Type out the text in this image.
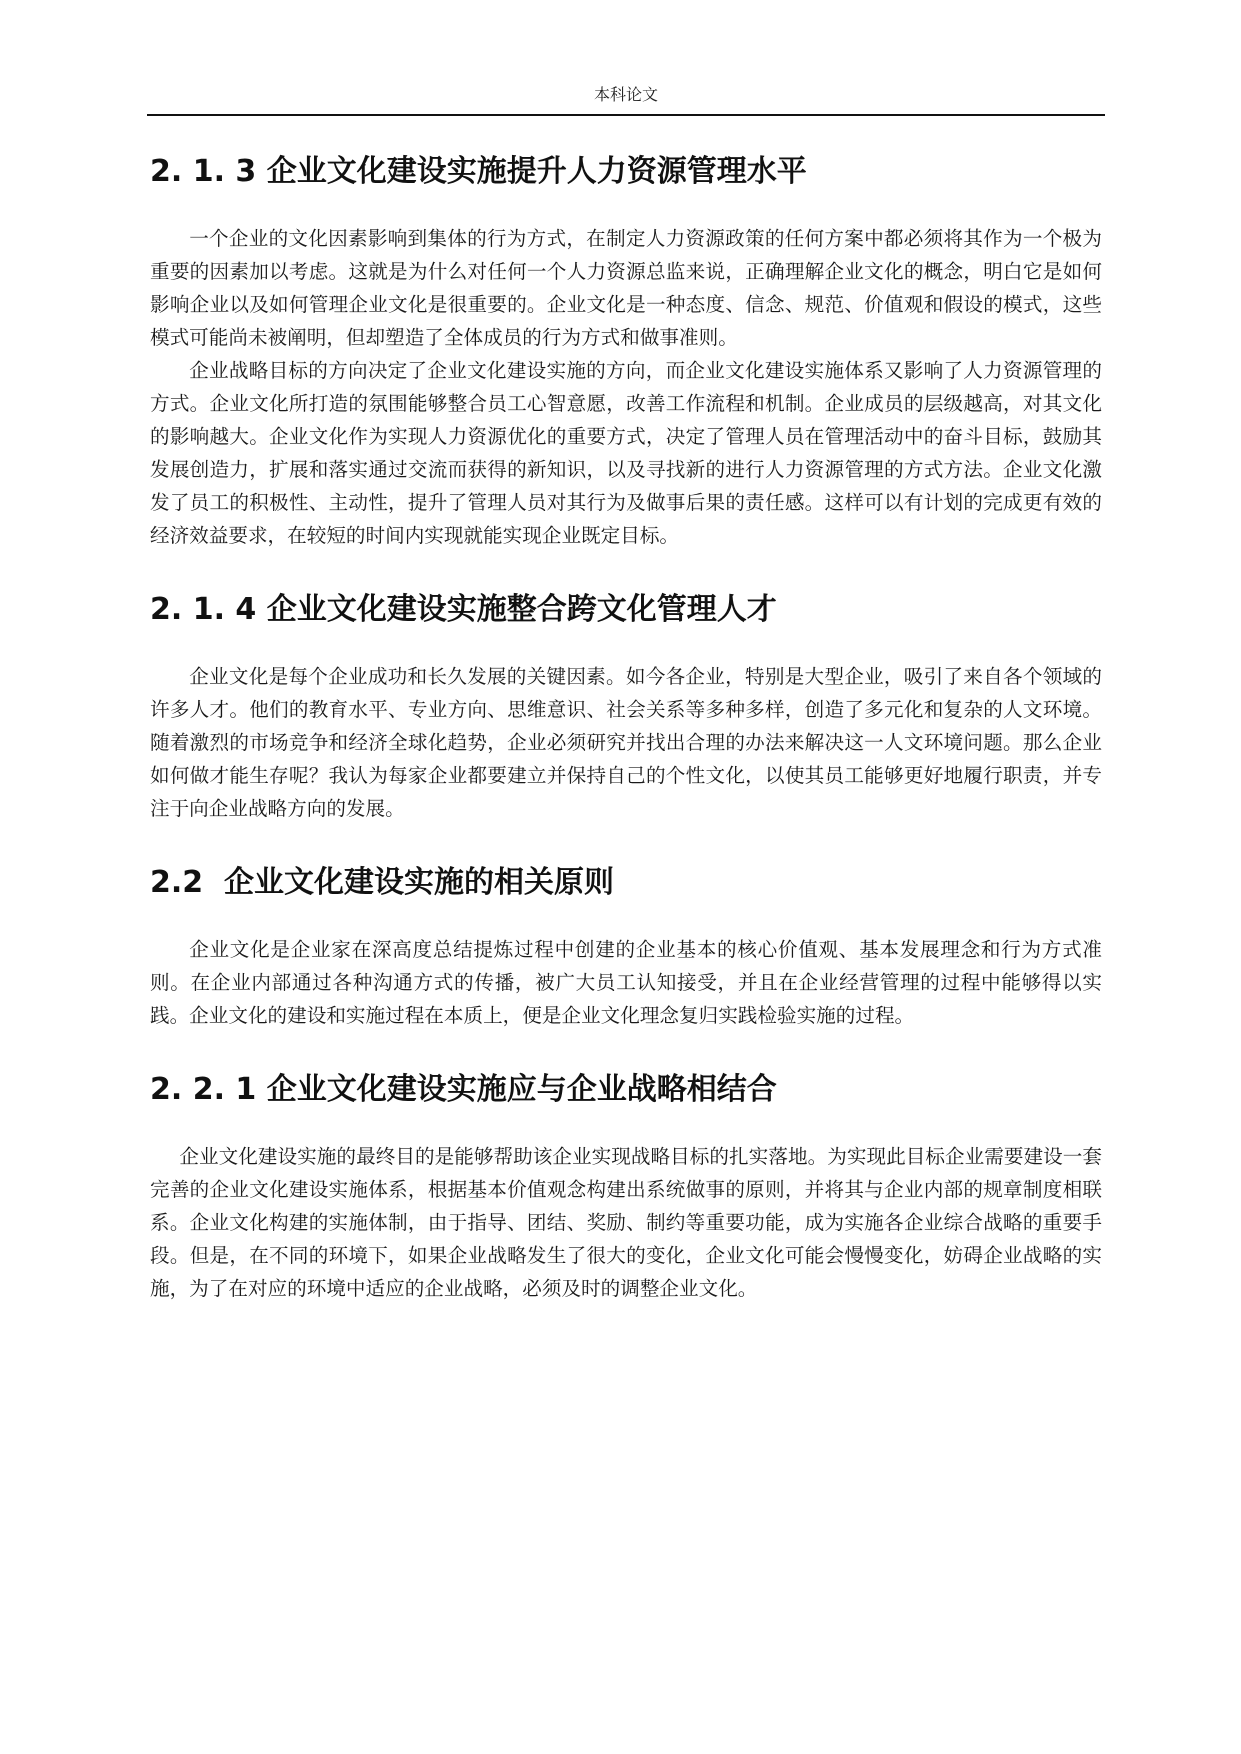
本科论文
2. 1. 3 企业文化建设实施提升人力资源管理水平

一个企业的文化因素影响到集体的行为方式，在制定人力资源政策的任何方案中都必须将其作为一个极为重要的因素加以考虑。这就是为什么对任何一个人力资源总监来说，正确理解企业文化的概念，明白它是如何影响企业以及如何管理企业文化是很重要的。企业文化是一种态度、信念、规范、价值观和假设的模式，这些模式可能尚未被阐明，但却塑造了全体成员的行为方式和做事准则。

企业战略目标的方向决定了企业文化建设实施的方向，而企业文化建设实施体系又影响了人力资源管理的方式。企业文化所打造的氛围能够整合员工心智意愿，改善工作流程和机制。企业成员的层级越高，对其文化的影响越大。企业文化作为实现人力资源优化的重要方式，决定了管理人员在管理活动中的奋斗目标，鼓励其发展创造力，扩展和落实通过交流而获得的新知识，以及寻找新的进行人力资源管理的方式方法。企业文化激发了员工的积极性、主动性，提升了管理人员对其行为及做事后果的责任感。这样可以有计划的完成更有效的经济效益要求，在较短的时间内实现就能实现企业既定目标。

2. 1. 4 企业文化建设实施整合跨文化管理人才

企业文化是每个企业成功和长久发展的关键因素。如今各企业，特别是大型企业，吸引了来自各个领域的许多人才。他们的教育水平、专业方向、思维意识、社会关系等多种多样，创造了多元化和复杂的人文环境。随着激烈的市场竞争和经济全球化趋势，企业必须研究并找出合理的办法来解决这一人文环境问题。那么企业如何做才能生存呢？我认为每家企业都要建立并保持自己的个性文化，以使其员工能够更好地履行职责，并专注于向企业战略方向的发展。

2.2  企业文化建设实施的相关原则

企业文化是企业家在深高度总结提炼过程中创建的企业基本的核心价值观、基本发展理念和行为方式准则。在企业内部通过各种沟通方式的传播，被广大员工认知接受，并且在企业经营管理的过程中能够得以实践。企业文化的建设和实施过程在本质上，便是企业文化理念复归实践检验实施的过程。

2. 2. 1 企业文化建设实施应与企业战略相结合

企业文化建设实施的最终目的是能够帮助该企业实现战略目标的扎实落地。为实现此目标企业需要建设一套完善的企业文化建设实施体系，根据基本价值观念构建出系统做事的原则，并将其与企业内部的规章制度相联系。企业文化构建的实施体制，由于指导、团结、奖励、制约等重要功能，成为实施各企业综合战略的重要手段。但是，在不同的环境下，如果企业战略发生了很大的变化，企业文化可能会慢慢变化，妨碍企业战略的实施，为了在对应的环境中适应的企业战略，必须及时的调整企业文化。
